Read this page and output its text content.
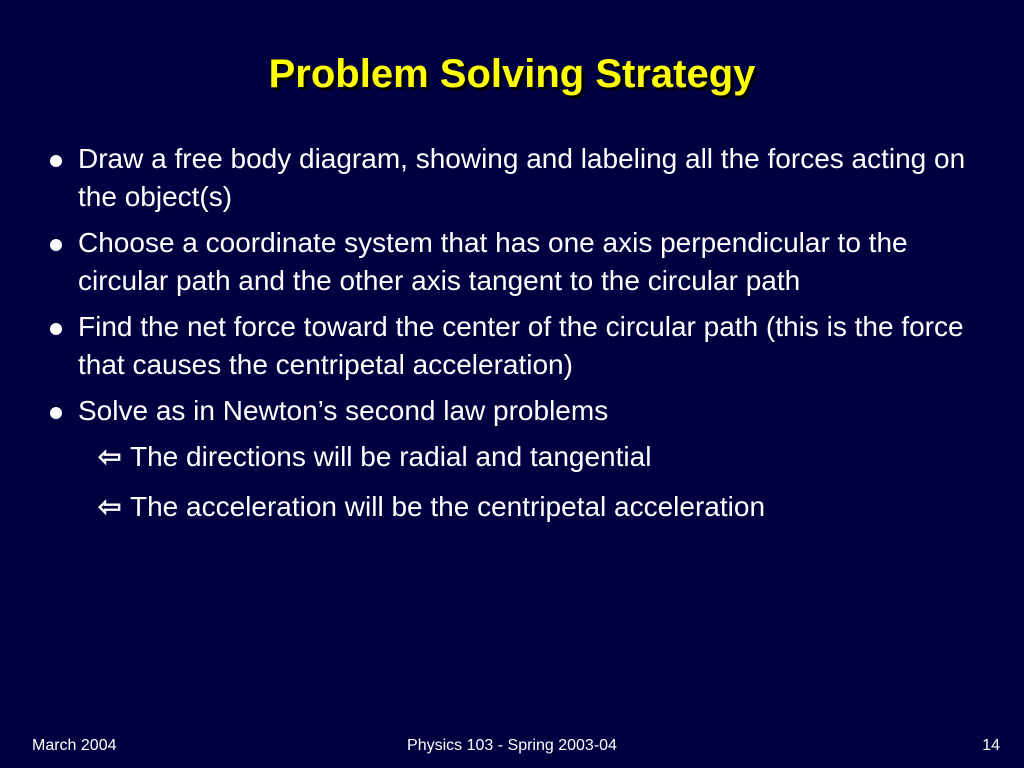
Problem Solving Strategy
Draw a free body diagram, showing and labeling all the forces acting on the object(s)
Choose a coordinate system that has one axis perpendicular to the circular path and the other axis tangent to the circular path
Find the net force toward the center of the circular path (this is the force that causes the centripetal acceleration)
Solve as in Newton’s second law problems
⇦ The directions will be radial and tangential
⇦ The acceleration will be the centripetal acceleration
March 2004	Physics 103 - Spring 2003-04	14
